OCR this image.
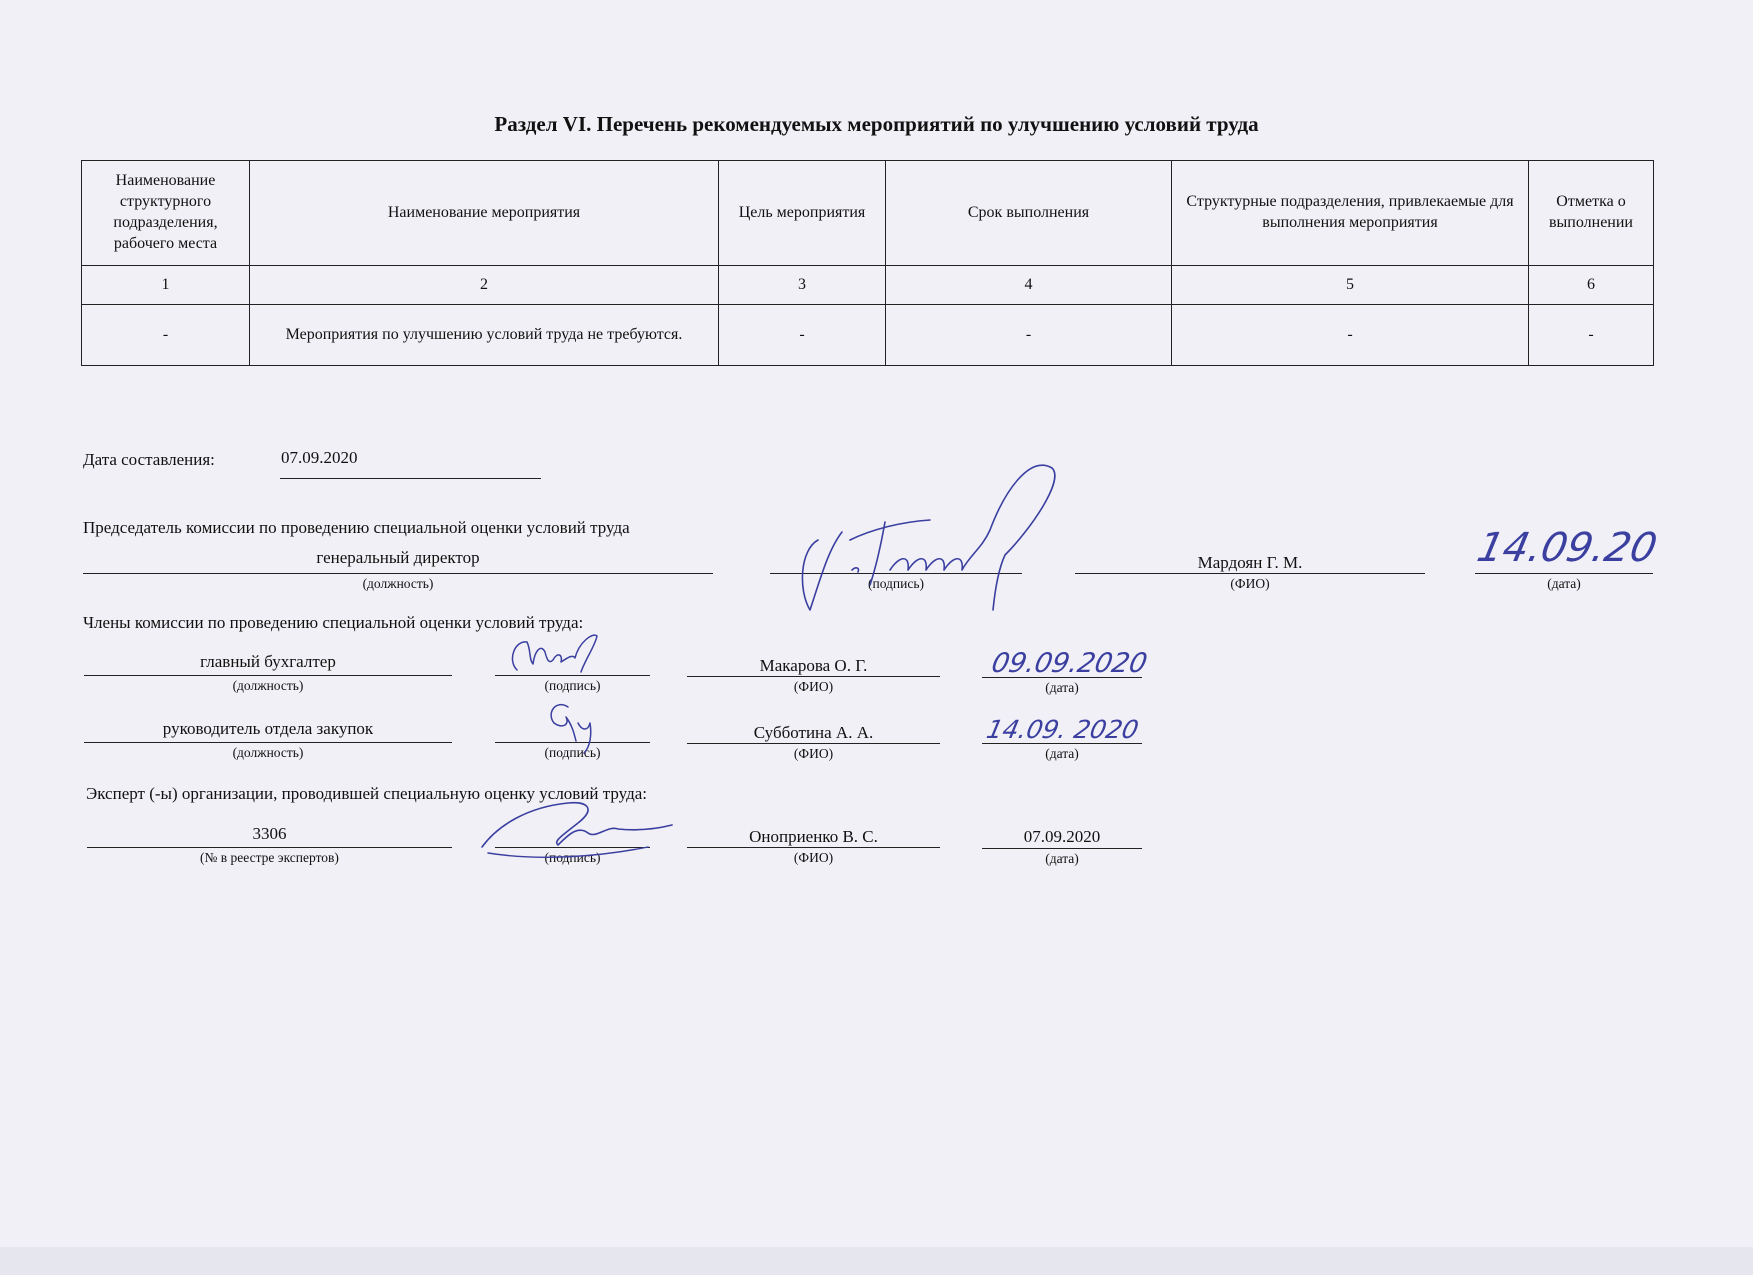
Раздел VI. Перечень рекомендуемых мероприятий по улучшению условий труда
Наименование структурного подразделения, рабочего места	Наименование мероприятия	Цель мероприятия	Срок выполнения	Структурные подразделения, привлекаемые для выполнения мероприятия	Отметка о выполнении
1	2	3	4	5	6
-	Мероприятия по улучшению условий труда не требуются.	-	-	-	-
Дата составления:	07.09.2020
Председатель комиссии по проведению специальной оценки условий труда
генеральный директор
(должность)	(подпись)
Мардоян Г. М.
(ФИО)
14.09.20
(дата)
Члены комиссии по проведению специальной оценки условий труда:
главный бухгалтер
(должность)	(подпись)
Макарова О. Г.
(ФИО)
09.09.2020
(дата)
руководитель отдела закупок
(должность)	(подпись)
Субботина А. А.
(ФИО)
14.09. 2020
(дата)
Эксперт (-ы) организации, проводившей специальную оценку условий труда:
3306
(№ в реестре экспертов)	(подпись)
Оноприенко В. С.
(ФИО)
07.09.2020
(дата)
